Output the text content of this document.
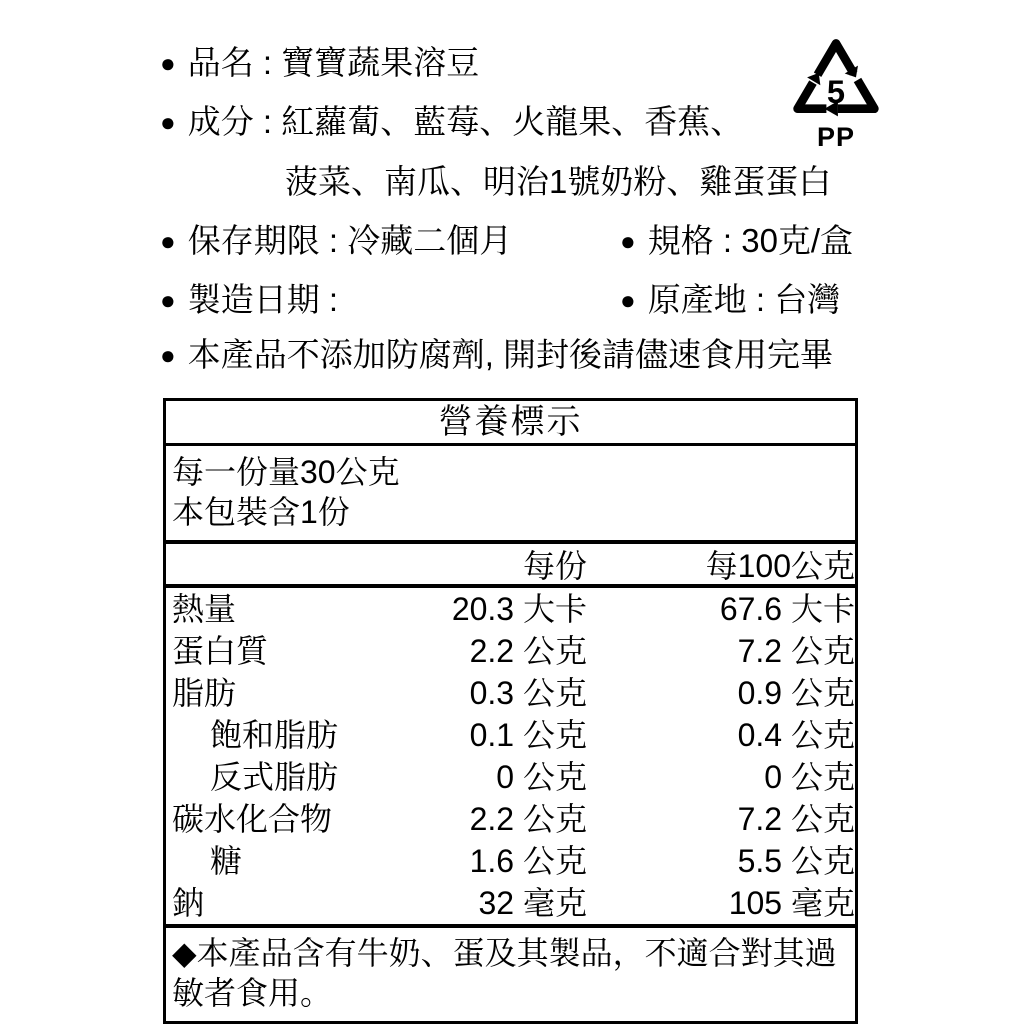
● 品名 : 寶寶蔬果溶豆
● 成分 : 紅蘿蔔、藍莓、火龍果、香蕉、
菠菜、南瓜、明治1號奶粉、雞蛋蛋白
● 保存期限 : 冷藏二個月	● 規格 : 30克/盒
● 製造日期 :	● 原產地 : 台灣
● 本產品不添加防腐劑, 開封後請儘速食用完畢
5
PP
營養標示
每一份量30公克
本包裝含1份
每份	每100公克
熱量	20.3 大卡	67.6 大卡
蛋白質	2.2 公克	7.2 公克
脂肪	0.3 公克	0.9 公克
飽和脂肪	0.1 公克	0.4 公克
反式脂肪	0 公克	0 公克
碳水化合物	2.2 公克	7.2 公克
糖	1.6 公克	5.5 公克
鈉	32 毫克	105 毫克
◆本產品含有牛奶、蛋及其製品，不適合對其過敏者食用。
